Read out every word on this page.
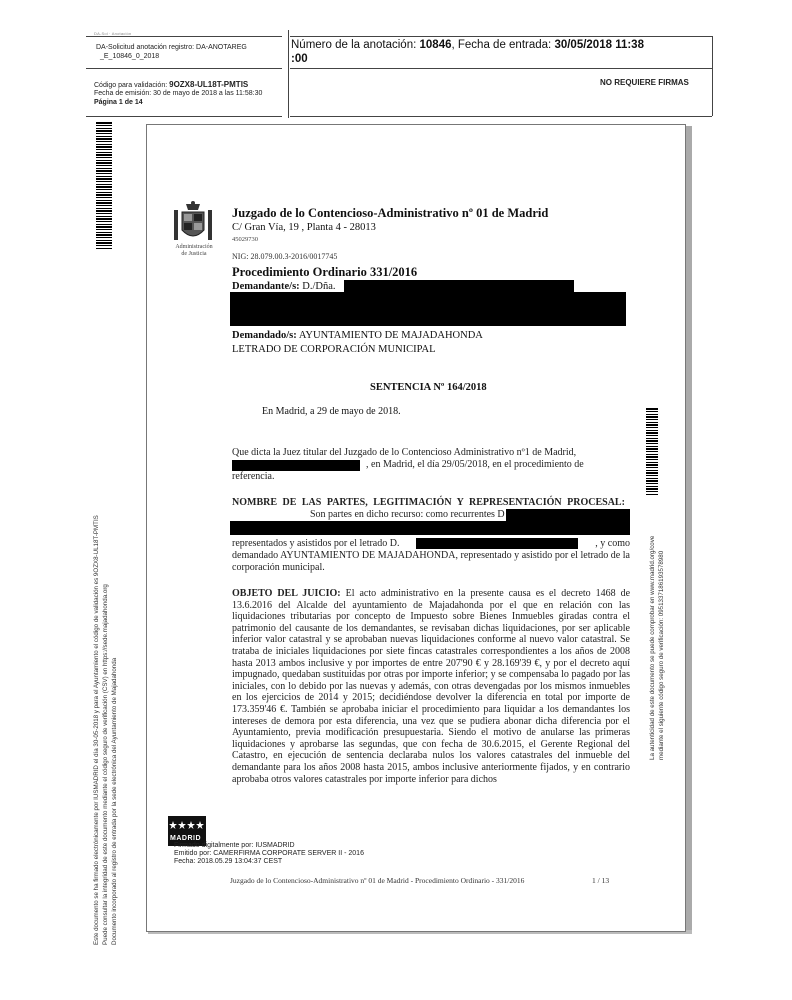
DA-Sol · Anotación
DA-Solicitud anotación registro: DA-ANOTAREG
_E_10846_0_2018
Número de la anotación: 10846, Fecha de entrada: 30/05/2018 11:38
:00
Código para validación: 9OZX8-UL18T-PMTIS
Fecha de emisión: 30 de mayo de 2018 a las 11:58:30
Página 1 de 14
NO REQUIERE FIRMAS
Este documento se ha firmado electrónicamente por IUSMADRID el día 30-05-2018 y para el Ayuntamiento el código de validación es 9OZX8-UL18T-PMTIS Puede consultar la integridad de este documento mediante el código seguro de verificación (CSV) en https://sede.majadahonda.org Documento incorporado al registro de entrada por la sede electrónica del Ayuntamiento de Majadahonda
La autenticidad de este documento se puede comprobar en www.madrid.org/cove mediante el siguiente código seguro de verificación: 0951337186193578980
Administración
de Justicia
Juzgado de lo Contencioso-Administrativo nº 01 de Madrid
C/ Gran Vía, 19 , Planta 4 - 28013
45029730
NIG: 28.079.00.3-2016/0017745
Procedimiento Ordinario 331/2016
Demandante/s: D./Dña.
Demandado/s: AYUNTAMIENTO DE MAJADAHONDA
LETRADO DE CORPORACIÓN MUNICIPAL
SENTENCIA Nº 164/2018
En Madrid, a 29 de mayo de 2018.
Que dicta la Juez titular del Juzgado de lo Contencioso Administrativo nº1 de Madrid,
, en Madrid, el día 29/05/2018, en el procedimiento de
referencia.
NOMBRE DE LAS PARTES, LEGITIMACIÓN Y REPRESENTACIÓN PROCESAL:
Son partes en dicho recurso: como recurrentes D
representados y asistidos por el letrado D.	, y como
demandado AYUNTAMIENTO DE MAJADAHONDA, representado y asistido por el letrado de la corporación municipal.
OBJETO DEL JUICIO: El acto administrativo en la presente causa es el decreto 1468 de 13.6.2016 del Alcalde del ayuntamiento de Majadahonda por el que en relación con las liquidaciones tributarias por concepto de Impuesto sobre Bienes Inmuebles giradas contra el patrimonio del causante de los demandantes, se revisaban dichas liquidaciones, por ser aplicable inferior valor catastral y se aprobaban nuevas liquidaciones conforme al nuevo valor catastral. Se trataba de iniciales liquidaciones por siete fincas catastrales correspondientes a los años de 2008 hasta 2013 ambos inclusive y por importes de entre 207'90 € y 28.169'39 €, y por el decreto aquí impugnado, quedaban sustituidas por otras por importe inferior; y se compensaba lo pagado por las iniciales, con lo debido por las nuevas y además, con otras devengadas por los mismos inmuebles en los ejercicios de 2014 y 2015; decidiéndose devolver la diferencia en total por importe de 173.359'46 €. También se aprobaba iniciar el procedimiento para liquidar a los demandantes los intereses de demora por esta diferencia, una vez que se pudiera abonar dicha diferencia por el Ayuntamiento, previa modificación presupuestaria. Siendo el motivo de anularse las primeras liquidaciones y aprobarse las segundas, que con fecha de 30.6.2015, el Gerente Regional del Catastro, en ejecución de sentencia declaraba nulos los valores catastrales del inmueble del demandante para los años 2008 hasta 2015, ambos inclusive anteriormente fijados, y en contrario aprobaba otros valores catastrales por importe inferior para dichos
MADRID
Firmado digitalmente por: IUSMADRID
Emitido por: CAMERFIRMA CORPORATE SERVER II - 2016
Fecha: 2018.05.29 13:04:37 CEST
Juzgado de lo Contencioso-Administrativo nº 01 de Madrid - Procedimiento Ordinario - 331/2016	1 / 13
